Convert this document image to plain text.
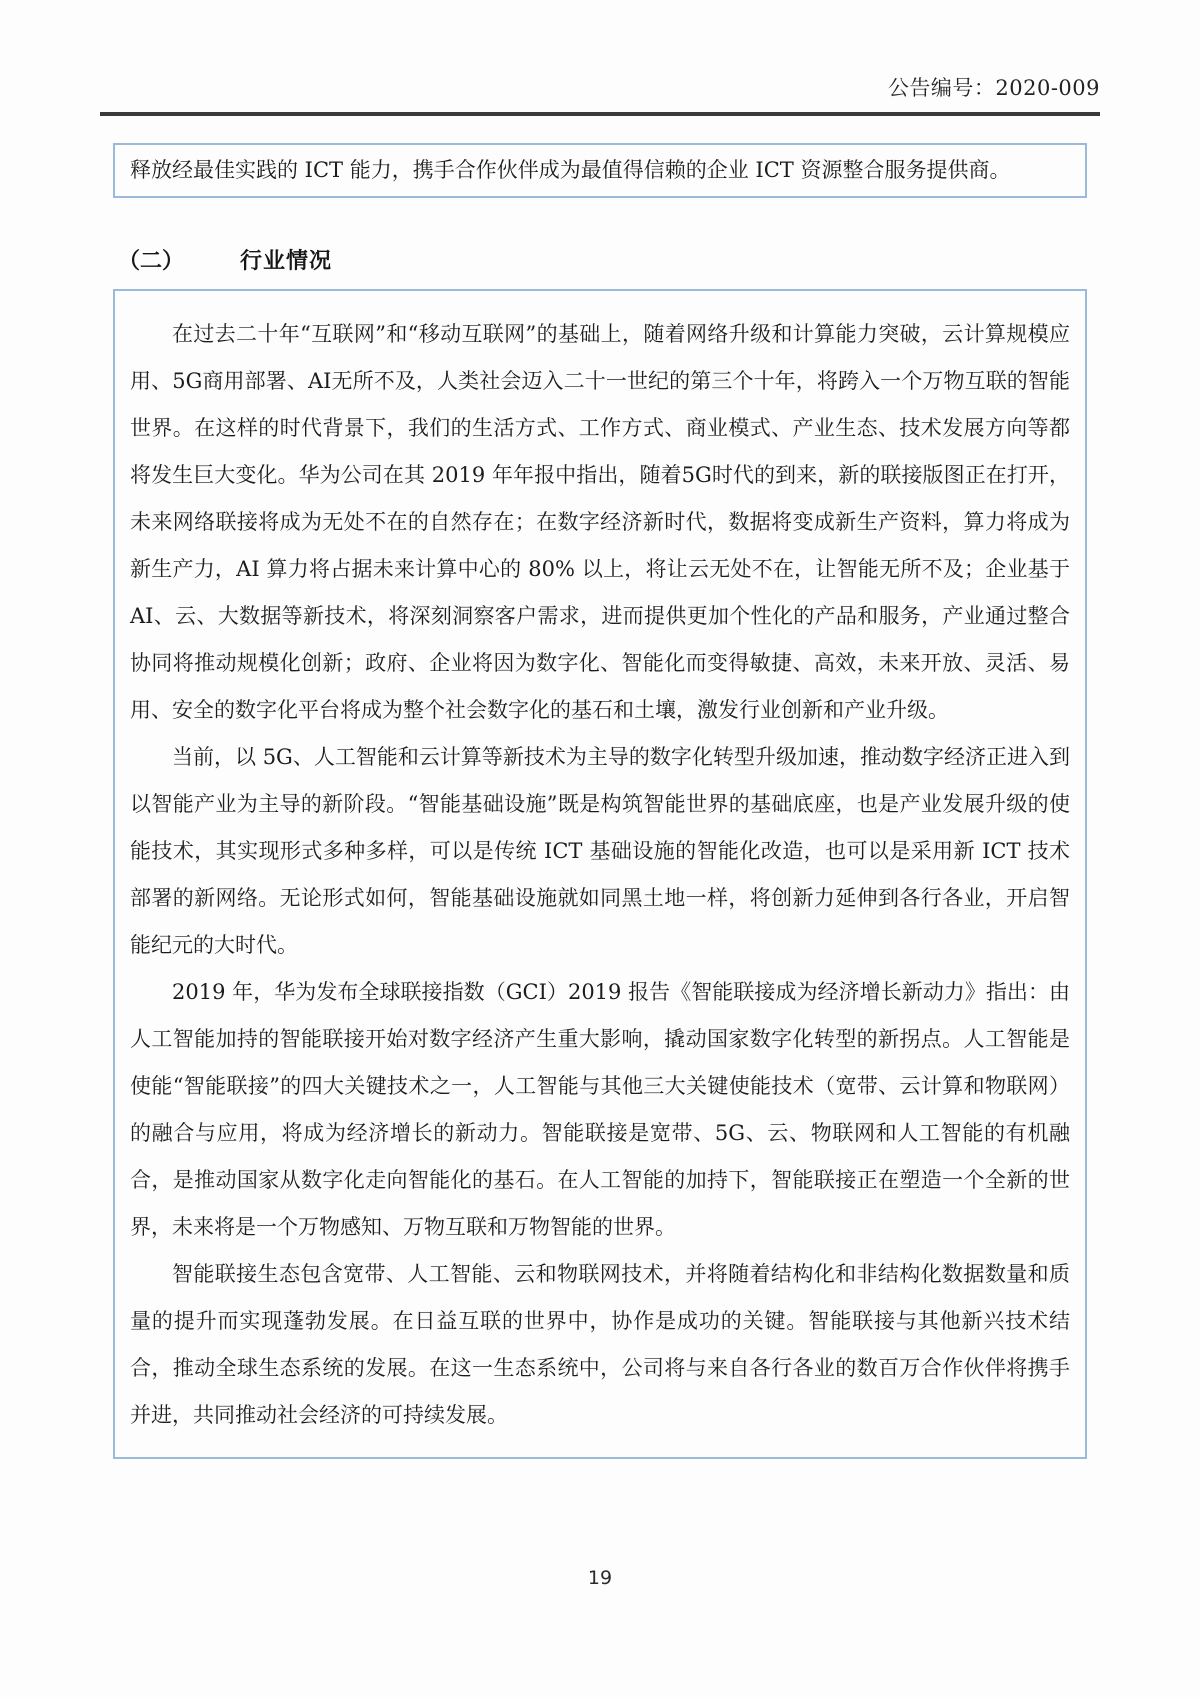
公告编号：2020-009
释放经最佳实践的 ICT 能力，携手合作伙伴成为最值得信赖的企业 ICT 资源整合服务提供商。
（二）	行业情况

在过去二十年“互联网”和“移动互联网”的基础上，随着网络升级和计算能力突破，云计算规模应用、5G商用部署、AI无所不及，人类社会迈入二十一世纪的第三个十年，将跨入一个万物互联的智能世界。在这样的时代背景下，我们的生活方式、工作方式、商业模式、产业生态、技术发展方向等都将发生巨大变化。华为公司在其 2019 年年报中指出，随着5G时代的到来，新的联接版图正在打开，未来网络联接将成为无处不在的自然存在；在数字经济新时代，数据将变成新生产资料，算力将成为新生产力，AI 算力将占据未来计算中心的 80% 以上，将让云无处不在，让智能无所不及；企业基于AI、云、大数据等新技术，将深刻洞察客户需求，进而提供更加个性化的产品和服务，产业通过整合协同将推动规模化创新；政府、企业将因为数字化、智能化而变得敏捷、高效，未来开放、灵活、易用、安全的数字化平台将成为整个社会数字化的基石和土壤，激发行业创新和产业升级。

当前，以 5G、人工智能和云计算等新技术为主导的数字化转型升级加速，推动数字经济正进入到以智能产业为主导的新阶段。“智能基础设施”既是构筑智能世界的基础底座，也是产业发展升级的使能技术，其实现形式多种多样，可以是传统 ICT 基础设施的智能化改造，也可以是采用新 ICT 技术部署的新网络。无论形式如何，智能基础设施就如同黑土地一样，将创新力延伸到各行各业，开启智能纪元的大时代。

2019 年，华为发布全球联接指数（GCI）2019 报告《智能联接成为经济增长新动力》指出：由人工智能加持的智能联接开始对数字经济产生重大影响，撬动国家数字化转型的新拐点。人工智能是使能“智能联接”的四大关键技术之一，人工智能与其他三大关键使能技术（宽带、云计算和物联网）的融合与应用，将成为经济增长的新动力。智能联接是宽带、5G、云、物联网和人工智能的有机融合，是推动国家从数字化走向智能化的基石。在人工智能的加持下，智能联接正在塑造一个全新的世界，未来将是一个万物感知、万物互联和万物智能的世界。

智能联接生态包含宽带、人工智能、云和物联网技术，并将随着结构化和非结构化数据数量和质量的提升而实现蓬勃发展。在日益互联的世界中，协作是成功的关键。智能联接与其他新兴技术结合，推动全球生态系统的发展。在这一生态系统中，公司将与来自各行各业的数百万合作伙伴将携手并进，共同推动社会经济的可持续发展。

19
